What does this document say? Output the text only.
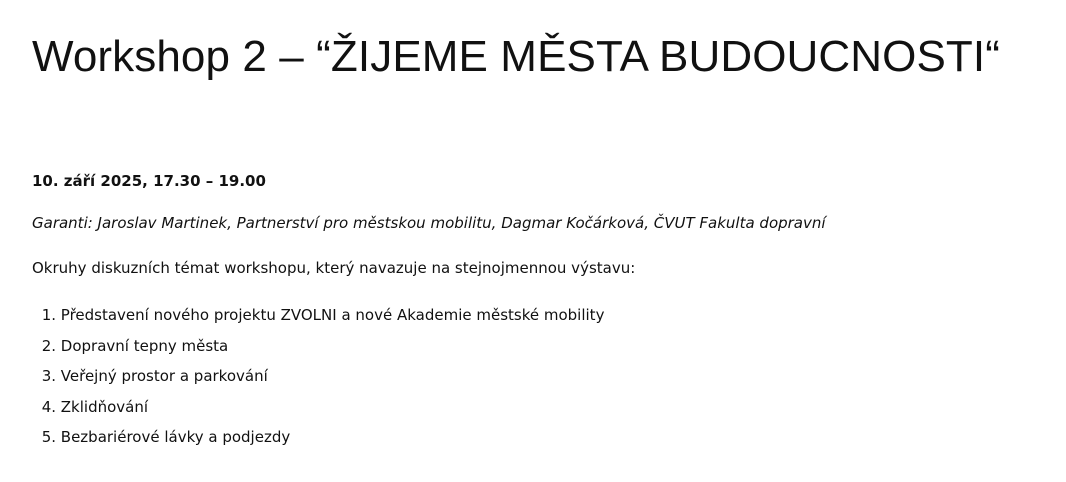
Workshop 2 – “ŽIJEME MĚSTA BUDOUCNOSTI“

10. září 2025, 17.30 – 19.00

Garanti: Jaroslav Martinek, Partnerství pro městskou mobilitu, Dagmar Kočárková, ČVUT Fakulta dopravní

Okruhy diskuzních témat workshopu, který navazuje na stejnojmennou výstavu:

1. Představení nového projektu ZVOLNI a nové Akademie městské mobility
2. Dopravní tepny města
3. Veřejný prostor a parkování
4. Zklidňování
5. Bezbariérové lávky a podjezdy
